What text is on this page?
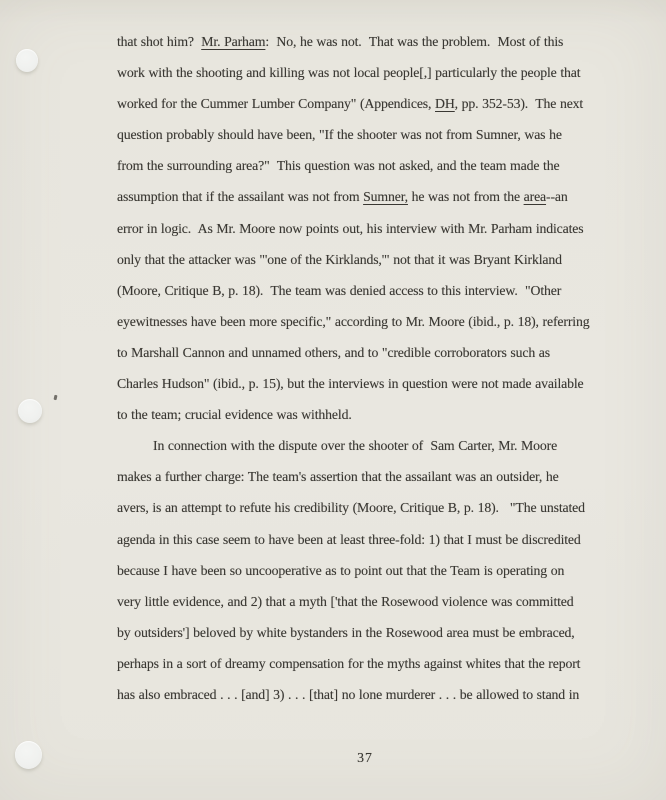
that shot him?  Mr. Parham:  No, he was not.  That was the problem.  Most of this
work with the shooting and killing was not local people[,] particularly the people that
worked for the Cummer Lumber Company" (Appendices, DH, pp. 352-53).  The next
question probably should have been, "If the shooter was not from Sumner, was he
from the surrounding area?"  This question was not asked, and the team made the
assumption that if the assailant was not from Sumner, he was not from the area--an
error in logic.  As Mr. Moore now points out, his interview with Mr. Parham indicates
only that the attacker was "'one of the Kirklands,'" not that it was Bryant Kirkland
(Moore, Critique B, p. 18).  The team was denied access to this interview.  "Other
eyewitnesses have been more specific," according to Mr. Moore (ibid., p. 18), referring
to Marshall Cannon and unnamed others, and to "credible corroborators such as
Charles Hudson" (ibid., p. 15), but the interviews in question were not made available
to the team; crucial evidence was withheld.
In connection with the dispute over the shooter of  Sam Carter, Mr. Moore
makes a further charge: The team's assertion that the assailant was an outsider, he
avers, is an attempt to refute his credibility (Moore, Critique B, p. 18).   "The unstated
agenda in this case seem to have been at least three-fold: 1) that I must be discredited
because I have been so uncooperative as to point out that the Team is operating on
very little evidence, and 2) that a myth ['that the Rosewood violence was committed
by outsiders'] beloved by white bystanders in the Rosewood area must be embraced,
perhaps in a sort of dreamy compensation for the myths against whites that the report
has also embraced . . . [and] 3) . . . [that] no lone murderer . . . be allowed to stand in
37
